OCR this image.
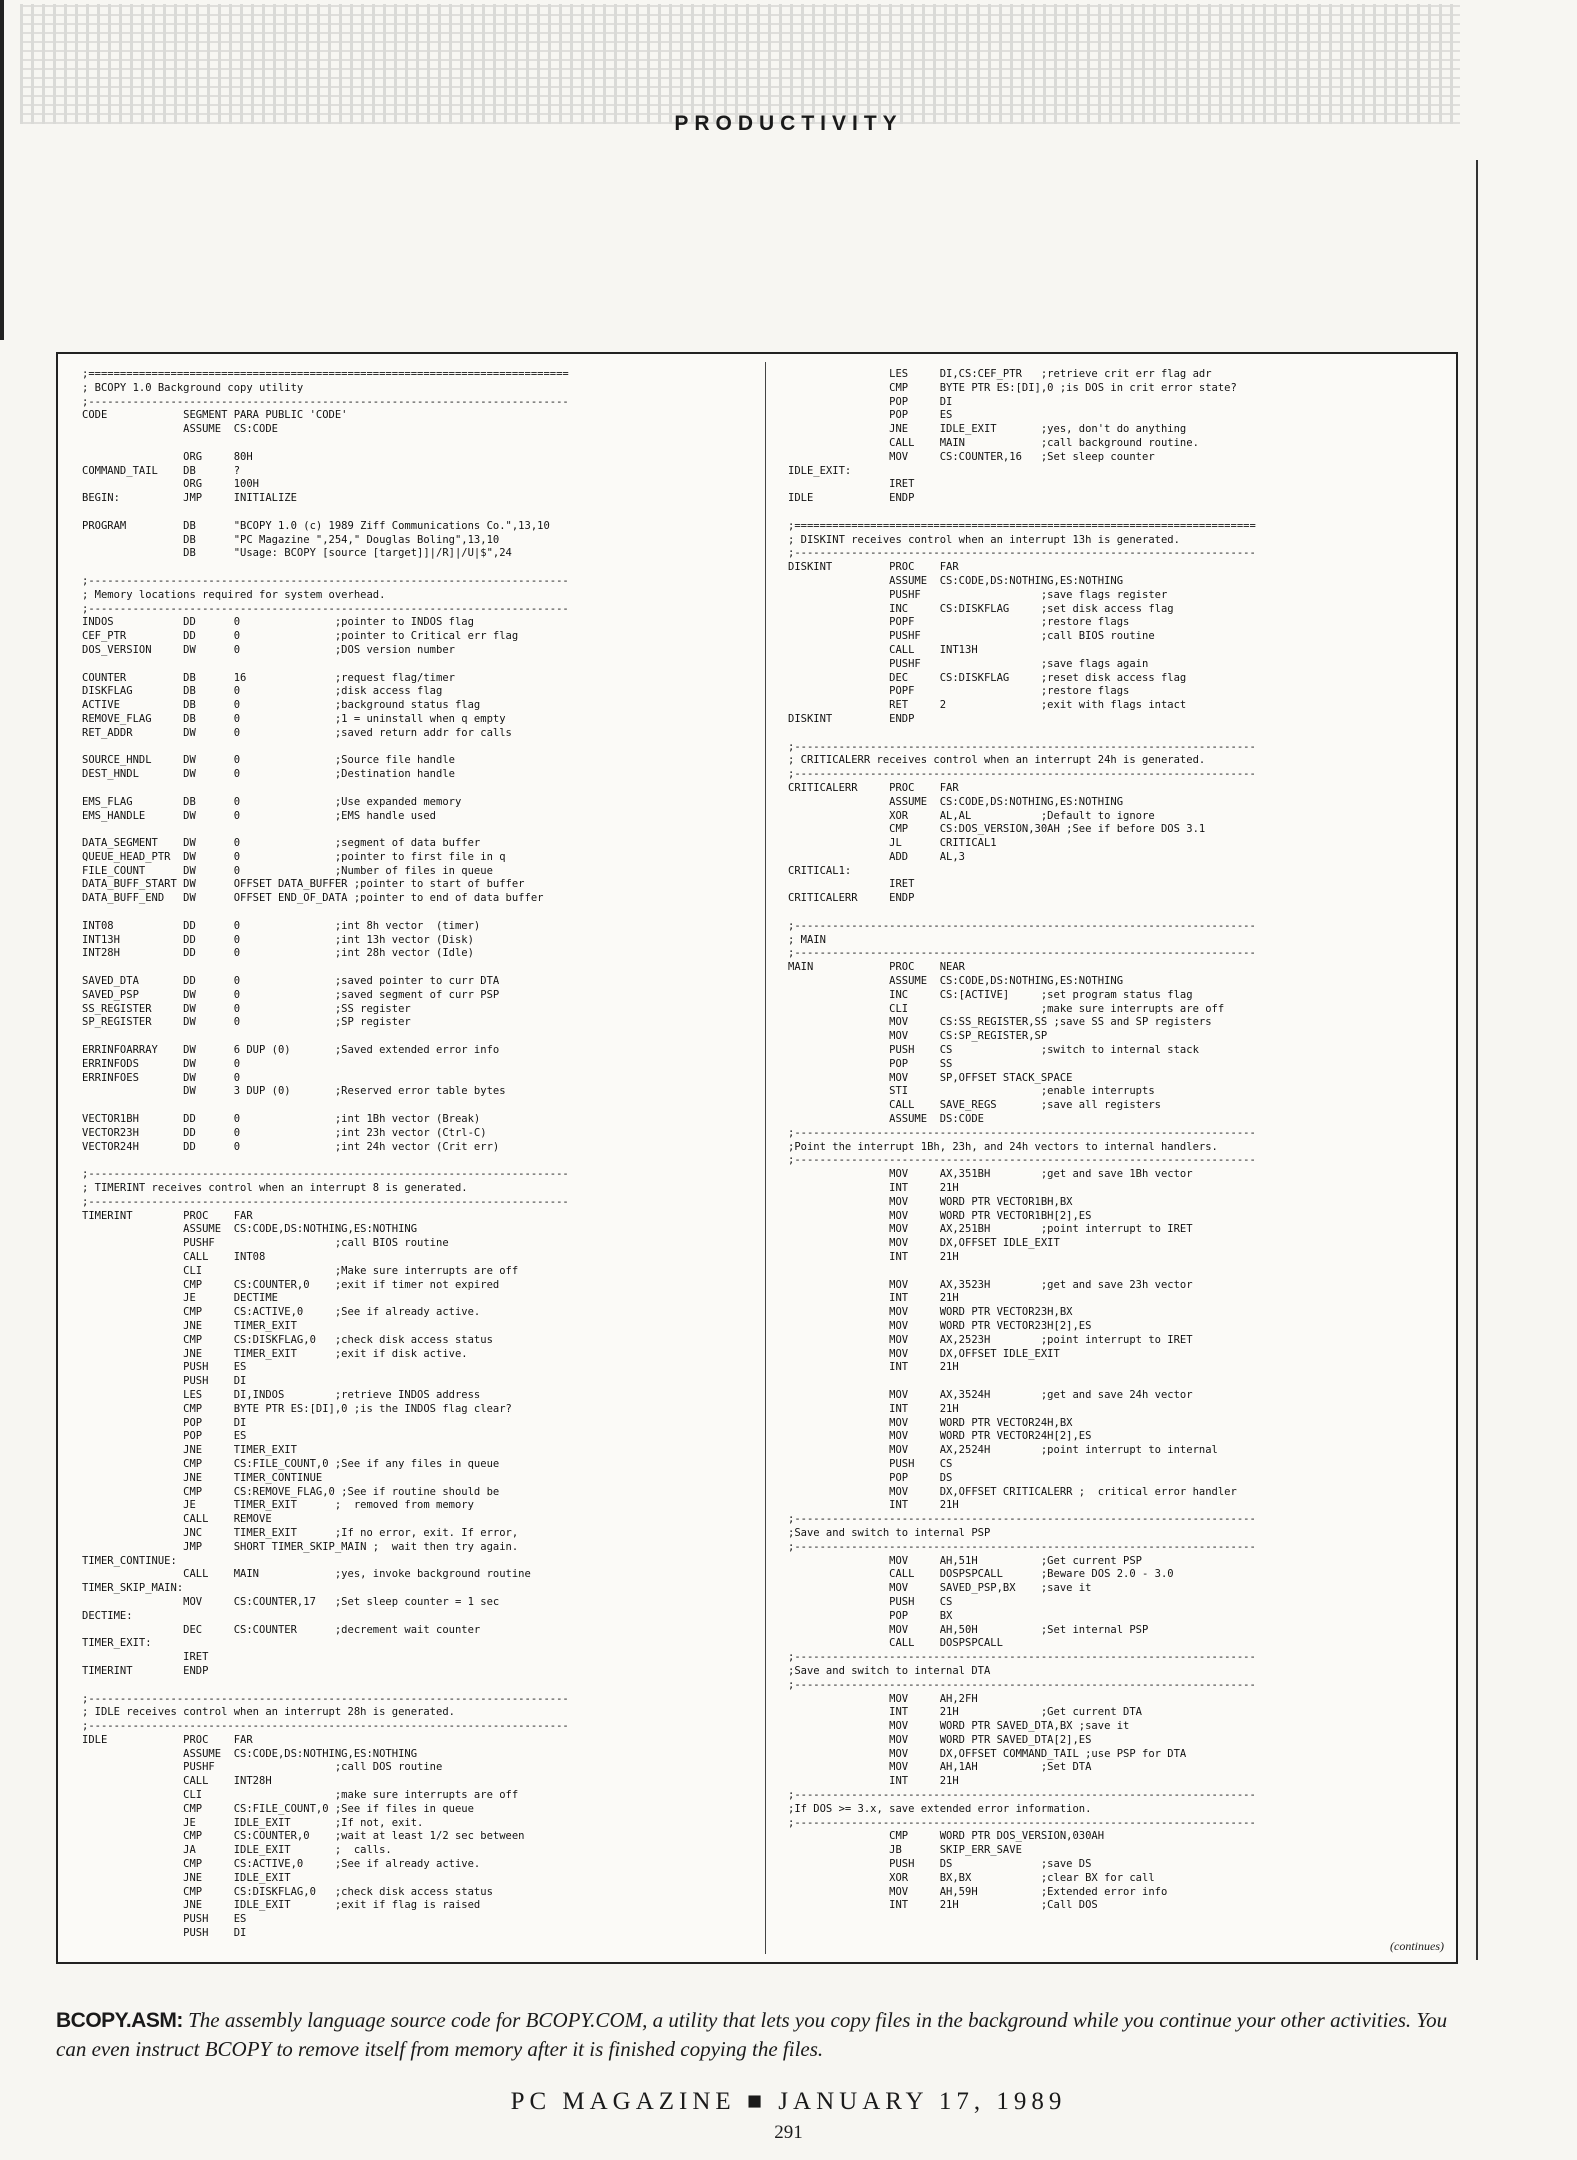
PRODUCTIVITY
;============================================================================
; BCOPY 1.0 Background copy utility
;----------------------------------------------------------------------------
CODE            SEGMENT PARA PUBLIC 'CODE'
ASSUME  CS:CODE

ORG     80H
COMMAND_TAIL    DB      ?
ORG     100H
BEGIN:          JMP     INITIALIZE

PROGRAM         DB      "BCOPY 1.0 (c) 1989 Ziff Communications Co.",13,10
DB      "PC Magazine ",254," Douglas Boling",13,10
DB      "Usage: BCOPY [source [target]]|/R]|/U|$",24

;----------------------------------------------------------------------------
; Memory locations required for system overhead.
;----------------------------------------------------------------------------
INDOS           DD      0               ;pointer to INDOS flag
CEF_PTR         DD      0               ;pointer to Critical err flag
DOS_VERSION     DW      0               ;DOS version number

COUNTER         DB      16              ;request flag/timer
DISKFLAG        DB      0               ;disk access flag
ACTIVE          DB      0               ;background status flag
REMOVE_FLAG     DB      0               ;1 = uninstall when q empty
RET_ADDR        DW      0               ;saved return addr for calls

SOURCE_HNDL     DW      0               ;Source file handle
DEST_HNDL       DW      0               ;Destination handle

EMS_FLAG        DB      0               ;Use expanded memory
EMS_HANDLE      DW      0               ;EMS handle used

DATA_SEGMENT    DW      0               ;segment of data buffer
QUEUE_HEAD_PTR  DW      0               ;pointer to first file in q
FILE_COUNT      DW      0               ;Number of files in queue
DATA_BUFF_START DW      OFFSET DATA_BUFFER ;pointer to start of buffer
DATA_BUFF_END   DW      OFFSET END_OF_DATA ;pointer to end of data buffer

INT08           DD      0               ;int 8h vector  (timer)
INT13H          DD      0               ;int 13h vector (Disk)
INT28H          DD      0               ;int 28h vector (Idle)

SAVED_DTA       DD      0               ;saved pointer to curr DTA
SAVED_PSP       DW      0               ;saved segment of curr PSP
SS_REGISTER     DW      0               ;SS register
SP_REGISTER     DW      0               ;SP register

ERRINFOARRAY    DW      6 DUP (0)       ;Saved extended error info
ERRINFODS       DW      0
ERRINFOES       DW      0
DW      3 DUP (0)       ;Reserved error table bytes

VECTOR1BH       DD      0               ;int 1Bh vector (Break)
VECTOR23H       DD      0               ;int 23h vector (Ctrl-C)
VECTOR24H       DD      0               ;int 24h vector (Crit err)

;----------------------------------------------------------------------------
; TIMERINT receives control when an interrupt 8 is generated.
;----------------------------------------------------------------------------
TIMERINT        PROC    FAR
ASSUME  CS:CODE,DS:NOTHING,ES:NOTHING
PUSHF                   ;call BIOS routine
CALL    INT08
CLI                     ;Make sure interrupts are off
CMP     CS:COUNTER,0    ;exit if timer not expired
JE      DECTIME
CMP     CS:ACTIVE,0     ;See if already active.
JNE     TIMER_EXIT
CMP     CS:DISKFLAG,0   ;check disk access status
JNE     TIMER_EXIT      ;exit if disk active.
PUSH    ES
PUSH    DI
LES     DI,INDOS        ;retrieve INDOS address
CMP     BYTE PTR ES:[DI],0 ;is the INDOS flag clear?
POP     DI
POP     ES
JNE     TIMER_EXIT
CMP     CS:FILE_COUNT,0 ;See if any files in queue
JNE     TIMER_CONTINUE
CMP     CS:REMOVE_FLAG,0 ;See if routine should be
JE      TIMER_EXIT      ;  removed from memory
CALL    REMOVE
JNC     TIMER_EXIT      ;If no error, exit. If error,
JMP     SHORT TIMER_SKIP_MAIN ;  wait then try again.
TIMER_CONTINUE:
CALL    MAIN            ;yes, invoke background routine
TIMER_SKIP_MAIN:
MOV     CS:COUNTER,17   ;Set sleep counter = 1 sec
DECTIME:
DEC     CS:COUNTER      ;decrement wait counter
TIMER_EXIT:
IRET
TIMERINT        ENDP

;----------------------------------------------------------------------------
; IDLE receives control when an interrupt 28h is generated.
;----------------------------------------------------------------------------
IDLE            PROC    FAR
ASSUME  CS:CODE,DS:NOTHING,ES:NOTHING
PUSHF                   ;call DOS routine
CALL    INT28H
CLI                     ;make sure interrupts are off
CMP     CS:FILE_COUNT,0 ;See if files in queue
JE      IDLE_EXIT       ;If not, exit.
CMP     CS:COUNTER,0    ;wait at least 1/2 sec between
JA      IDLE_EXIT       ;  calls.
CMP     CS:ACTIVE,0     ;See if already active.
JNE     IDLE_EXIT
CMP     CS:DISKFLAG,0   ;check disk access status
JNE     IDLE_EXIT       ;exit if flag is raised
PUSH    ES
PUSH    DI
LES     DI,CS:CEF_PTR   ;retrieve crit err flag adr
CMP     BYTE PTR ES:[DI],0 ;is DOS in crit error state?
POP     DI
POP     ES
JNE     IDLE_EXIT       ;yes, don't do anything
CALL    MAIN            ;call background routine.
MOV     CS:COUNTER,16   ;Set sleep counter
IDLE_EXIT:
IRET
IDLE            ENDP

;=========================================================================
; DISKINT receives control when an interrupt 13h is generated.
;-------------------------------------------------------------------------
DISKINT         PROC    FAR
ASSUME  CS:CODE,DS:NOTHING,ES:NOTHING
PUSHF                   ;save flags register
INC     CS:DISKFLAG     ;set disk access flag
POPF                    ;restore flags
PUSHF                   ;call BIOS routine
CALL    INT13H
PUSHF                   ;save flags again
DEC     CS:DISKFLAG     ;reset disk access flag
POPF                    ;restore flags
RET     2               ;exit with flags intact
DISKINT         ENDP

;-------------------------------------------------------------------------
; CRITICALERR receives control when an interrupt 24h is generated.
;-------------------------------------------------------------------------
CRITICALERR     PROC    FAR
ASSUME  CS:CODE,DS:NOTHING,ES:NOTHING
XOR     AL,AL           ;Default to ignore
CMP     CS:DOS_VERSION,30AH ;See if before DOS 3.1
JL      CRITICAL1
ADD     AL,3
CRITICAL1:
IRET
CRITICALERR     ENDP

;-------------------------------------------------------------------------
; MAIN
;-------------------------------------------------------------------------
MAIN            PROC    NEAR
ASSUME  CS:CODE,DS:NOTHING,ES:NOTHING
INC     CS:[ACTIVE]     ;set program status flag
CLI                     ;make sure interrupts are off
MOV     CS:SS_REGISTER,SS ;save SS and SP registers
MOV     CS:SP_REGISTER,SP
PUSH    CS              ;switch to internal stack
POP     SS
MOV     SP,OFFSET STACK_SPACE
STI                     ;enable interrupts
CALL    SAVE_REGS       ;save all registers
ASSUME  DS:CODE
;-------------------------------------------------------------------------
;Point the interrupt 1Bh, 23h, and 24h vectors to internal handlers.
;-------------------------------------------------------------------------
MOV     AX,351BH        ;get and save 1Bh vector
INT     21H
MOV     WORD PTR VECTOR1BH,BX
MOV     WORD PTR VECTOR1BH[2],ES
MOV     AX,251BH        ;point interrupt to IRET
MOV     DX,OFFSET IDLE_EXIT
INT     21H

MOV     AX,3523H        ;get and save 23h vector
INT     21H
MOV     WORD PTR VECTOR23H,BX
MOV     WORD PTR VECTOR23H[2],ES
MOV     AX,2523H        ;point interrupt to IRET
MOV     DX,OFFSET IDLE_EXIT
INT     21H

MOV     AX,3524H        ;get and save 24h vector
INT     21H
MOV     WORD PTR VECTOR24H,BX
MOV     WORD PTR VECTOR24H[2],ES
MOV     AX,2524H        ;point interrupt to internal
PUSH    CS
POP     DS
MOV     DX,OFFSET CRITICALERR ;  critical error handler
INT     21H
;-------------------------------------------------------------------------
;Save and switch to internal PSP
;-------------------------------------------------------------------------
MOV     AH,51H          ;Get current PSP
CALL    DOSPSPCALL      ;Beware DOS 2.0 - 3.0
MOV     SAVED_PSP,BX    ;save it
PUSH    CS
POP     BX
MOV     AH,50H          ;Set internal PSP
CALL    DOSPSPCALL
;-------------------------------------------------------------------------
;Save and switch to internal DTA
;-------------------------------------------------------------------------
MOV     AH,2FH
INT     21H             ;Get current DTA
MOV     WORD PTR SAVED_DTA,BX ;save it
MOV     WORD PTR SAVED_DTA[2],ES
MOV     DX,OFFSET COMMAND_TAIL ;use PSP for DTA
MOV     AH,1AH          ;Set DTA
INT     21H
;-------------------------------------------------------------------------
;If DOS >= 3.x, save extended error information.
;-------------------------------------------------------------------------
CMP     WORD PTR DOS_VERSION,030AH
JB      SKIP_ERR_SAVE
PUSH    DS              ;save DS
XOR     BX,BX           ;clear BX for call
MOV     AH,59H          ;Extended error info
INT     21H             ;Call DOS
(continues)
BCOPY.ASM: The assembly language source code for BCOPY.COM, a utility that lets you copy files in the background while you continue your other activities. You can even instruct BCOPY to remove itself from memory after it is finished copying the files.
PC MAGAZINE ■ JANUARY 17, 1989
291
